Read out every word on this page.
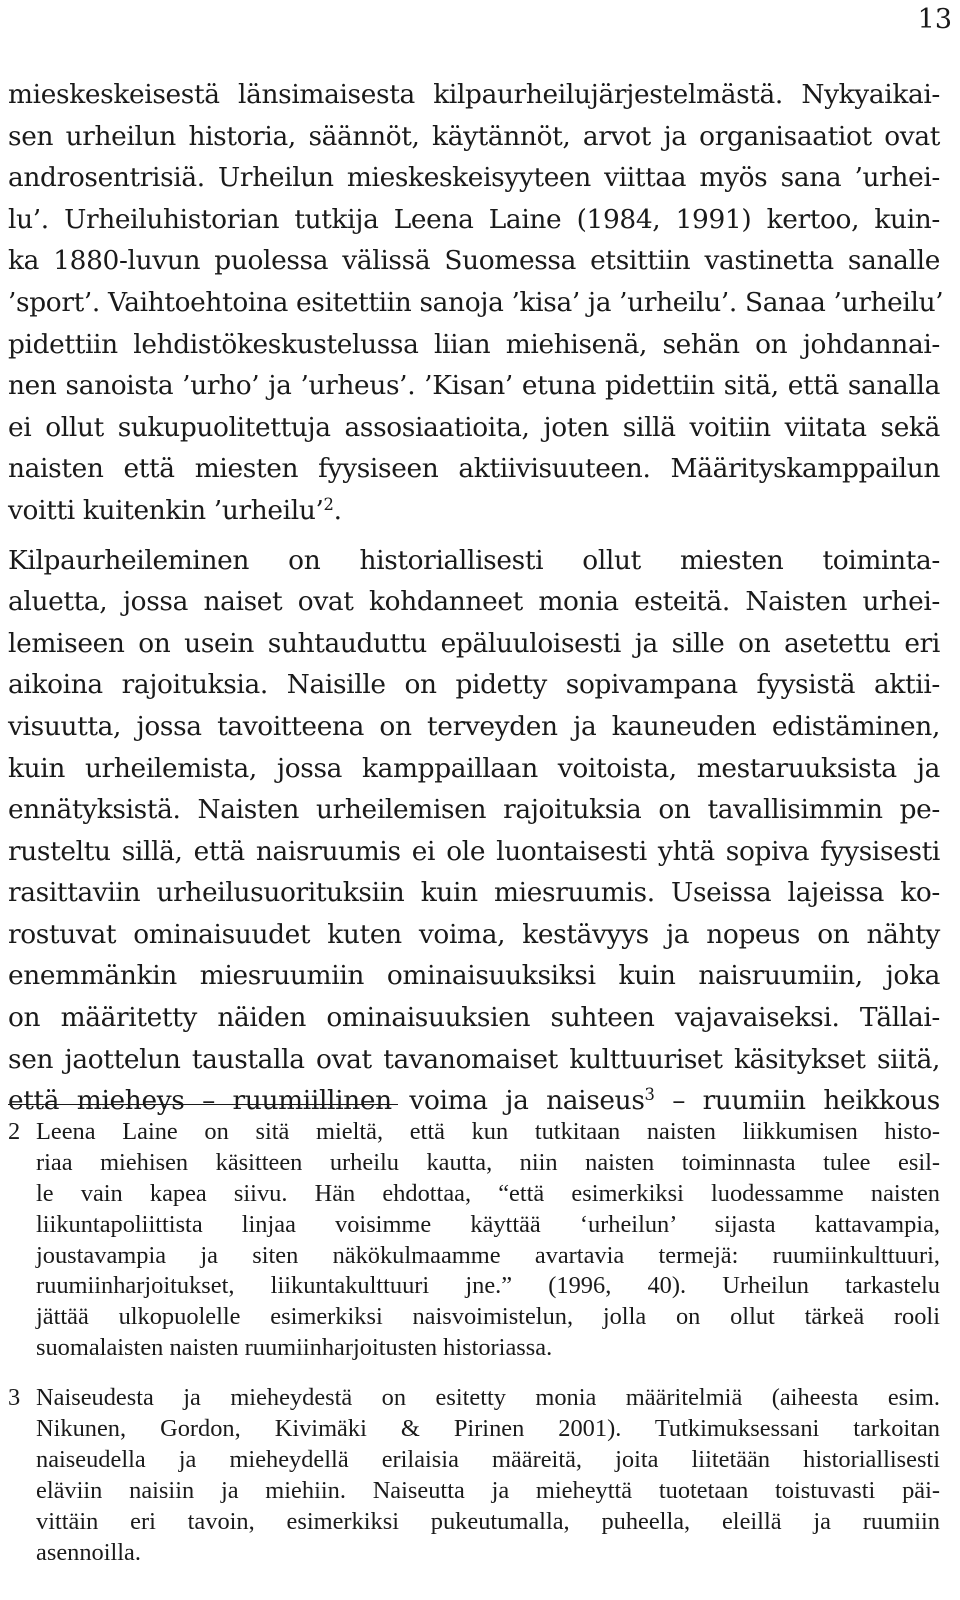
13
mieskeskeisestä länsimaisesta kilpaurheilujärjestelmästä. Nykyaikai-
sen urheilun historia, säännöt, käytännöt, arvot ja organisaatiot ovat
androsentrisiä. Urheilun mieskeskeisyyteen viittaa myös sana ’urhei-
lu’. Urheiluhistorian tutkija Leena Laine (1984, 1991) kertoo, kuin-
ka 1880-luvun puolessa välissä Suomessa etsittiin vastinetta sanalle
’sport’. Vaihtoehtoina esitettiin sanoja ’kisa’ ja ’urheilu’. Sanaa ’urheilu’
pidettiin lehdistökeskustelussa liian miehisenä, sehän on johdannai-
nen sanoista ’urho’ ja ’urheus’. ’Kisan’ etuna pidettiin sitä, että sanalla
ei ollut sukupuolitettuja assosiaatioita, joten sillä voitiin viitata sekä
naisten että miesten fyysiseen aktiivisuuteen. Määrityskamppailun
voitti kuitenkin ’urheilu’$^2$.
Kilpaurheileminen on historiallisesti ollut miesten toiminta-
aluetta, jossa naiset ovat kohdanneet monia esteitä. Naisten urhei-
lemiseen on usein suhtauduttu epäluuloisesti ja sille on asetettu eri
aikoina rajoituksia. Naisille on pidetty sopivampana fyysistä aktii-
visuutta, jossa tavoitteena on terveyden ja kauneuden edistäminen,
kuin urheilemista, jossa kamppaillaan voitoista, mestaruuksista ja
ennätyksistä. Naisten urheilemisen rajoituksia on tavallisimmin pe-
rusteltu sillä, että naisruumis ei ole luontaisesti yhtä sopiva fyysisesti
rasittaviin urheilusuorituksiin kuin miesruumis. Useissa lajeissa ko-
rostuvat ominaisuudet kuten voima, kestävyys ja nopeus on nähty
enemmänkin miesruumiin ominaisuuksiksi kuin naisruumiin, joka
on määritetty näiden ominaisuuksien suhteen vajavaiseksi. Tällai-
sen jaottelun taustalla ovat tavanomaiset kulttuuriset käsitykset siitä,
että mieheys – ruumiillinen voima ja naiseus$^3$ – ruumiin heikkous
2 Leena Laine on sitä mieltä, että kun tutkitaan naisten liikkumisen histo-
riaa miehisen käsitteen urheilu kautta, niin naisten toiminnasta tulee esil-
le vain kapea siivu. Hän ehdottaa, “että esimerkiksi luodessamme naisten
liikuntapoliittista linjaa voisimme käyttää ‘urheilun’ sijasta kattavampia,
joustavampia ja siten näkökulmaamme avartavia termejä: ruumiinkulttuuri,
ruumiinharjoitukset, liikuntakulttuuri jne.” (1996, 40). Urheilun tarkastelu
jättää ulkopuolelle esimerkiksi naisvoimistelun, jolla on ollut tärkeä rooli
suomalaisten naisten ruumiinharjoitusten historiassa.
3 Naiseudesta ja mieheydestä on esitetty monia määritelmiä (aiheesta esim.
Nikunen, Gordon, Kivimäki & Pirinen 2001). Tutkimuksessani tarkoitan
naiseudella ja mieheydellä erilaisia määreitä, joita liitetään historiallisesti
eläviin naisiin ja miehiin. Naiseutta ja mieheyttä tuotetaan toistuvasti päi-
vittäin eri tavoin, esimerkiksi pukeutumalla, puheella, eleillä ja ruumiin
asennoilla.
